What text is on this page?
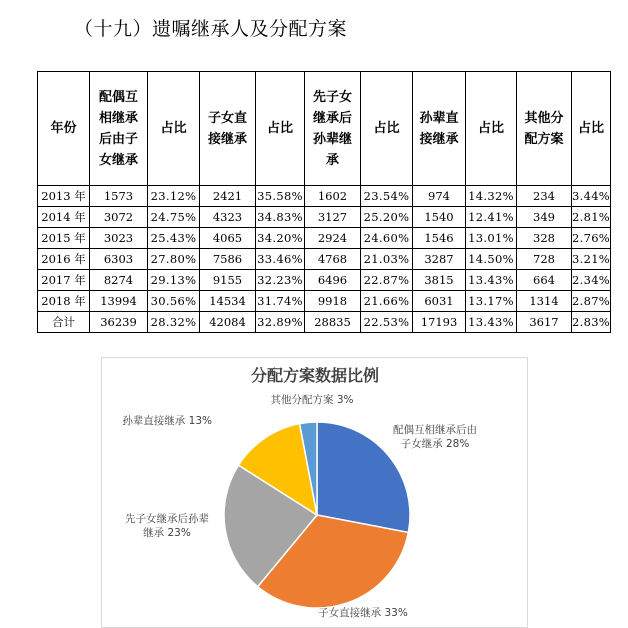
（十九）遗嘱继承人及分配方案
年份	配偶互相继承后由子女继承	占比	子女直接继承	占比	先子女继承后孙辈继承	占比	孙辈直接继承	占比	其他分配方案	占比
2013 年	1573	23.12%	2421	35.58%	1602	23.54%	974	14.32%	234	3.44%
2014 年	3072	24.75%	4323	34.83%	3127	25.20%	1540	12.41%	349	2.81%
2015 年	3023	25.43%	4065	34.20%	2924	24.60%	1546	13.01%	328	2.76%
2016 年	6303	27.80%	7586	33.46%	4768	21.03%	3287	14.50%	728	3.21%
2017 年	8274	29.13%	9155	32.23%	6496	22.87%	3815	13.43%	664	2.34%
2018 年	13994	30.56%	14534	31.74%	9918	21.66%	6031	13.17%	1314	2.87%
合计	36239	28.32%	42084	32.89%	28835	22.53%	17193	13.43%	3617	2.83%
分配方案数据比例
配偶互相继承后由子女继承 28%
子女直接继承 33%
先子女继承后孙辈继承 23%
孙辈直接继承 13%
其他分配方案 3%
